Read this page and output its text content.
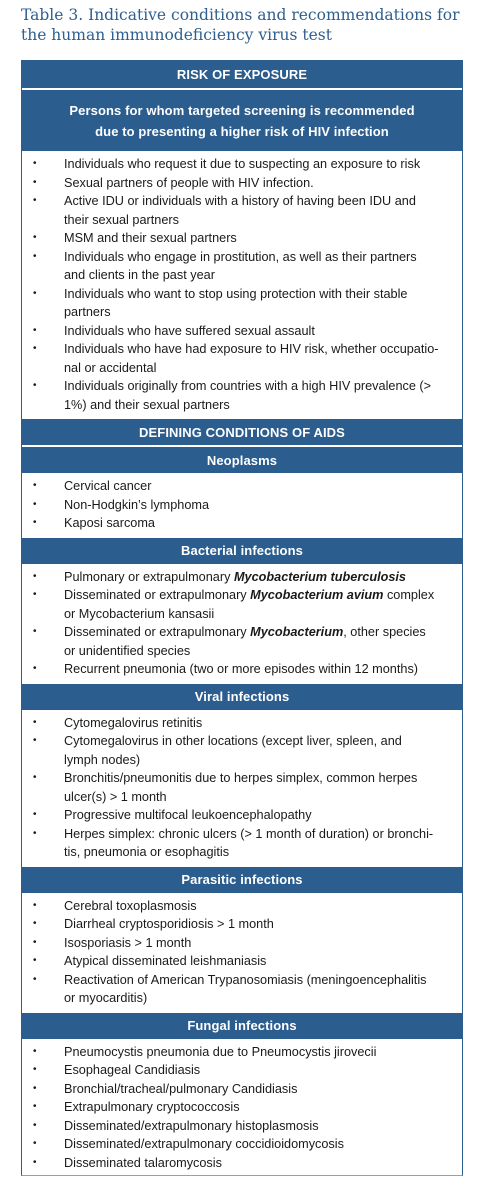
Table 3. Indicative conditions and recommendations for the human immunodeficiency virus test
RISK OF EXPOSURE
Persons for whom targeted screening is recommended
due to presenting a higher risk of HIV infection
•	Individuals who request it due to suspecting an exposure to risk
•	Sexual partners of people with HIV infection.
•	Active IDU or individuals with a history of having been IDU and
their sexual partners
•	MSM and their sexual partners
•	Individuals who engage in prostitution, as well as their partners
and clients in the past year
•	Individuals who want to stop using protection with their stable
partners
•	Individuals who have suffered sexual assault
•	Individuals who have had exposure to HIV risk, whether occupatio-
nal or accidental
•	Individuals originally from countries with a high HIV prevalence (>
1%) and their sexual partners
DEFINING CONDITIONS OF AIDS
Neoplasms
•	Cervical cancer
•	Non-Hodgkin’s lymphoma
•	Kaposi sarcoma
Bacterial infections
•	Pulmonary or extrapulmonary Mycobacterium tuberculosis
•	Disseminated or extrapulmonary Mycobacterium avium complex
or Mycobacterium kansasii
•	Disseminated or extrapulmonary Mycobacterium, other species
or unidentified species
•	Recurrent pneumonia (two or more episodes within 12 months)
Viral infections
•	Cytomegalovirus retinitis
•	Cytomegalovirus in other locations (except liver, spleen, and
lymph nodes)
•	Bronchitis/pneumonitis due to herpes simplex, common herpes
ulcer(s) > 1 month
•	Progressive multifocal leukoencephalopathy
•	Herpes simplex: chronic ulcers (> 1 month of duration) or bronchi-
tis, pneumonia or esophagitis
Parasitic infections
•	Cerebral toxoplasmosis
•	Diarrheal cryptosporidiosis > 1 month
•	Isosporiasis > 1 month
•	Atypical disseminated leishmaniasis
•	Reactivation of American Trypanosomiasis (meningoencephalitis
or myocarditis)
Fungal infections
•	Pneumocystis pneumonia due to Pneumocystis jirovecii
•	Esophageal Candidiasis
•	Bronchial/tracheal/pulmonary Candidiasis
•	Extrapulmonary cryptococcosis
•	Disseminated/extrapulmonary histoplasmosis
•	Disseminated/extrapulmonary coccidioidomycosis
•	Disseminated talaromycosis
